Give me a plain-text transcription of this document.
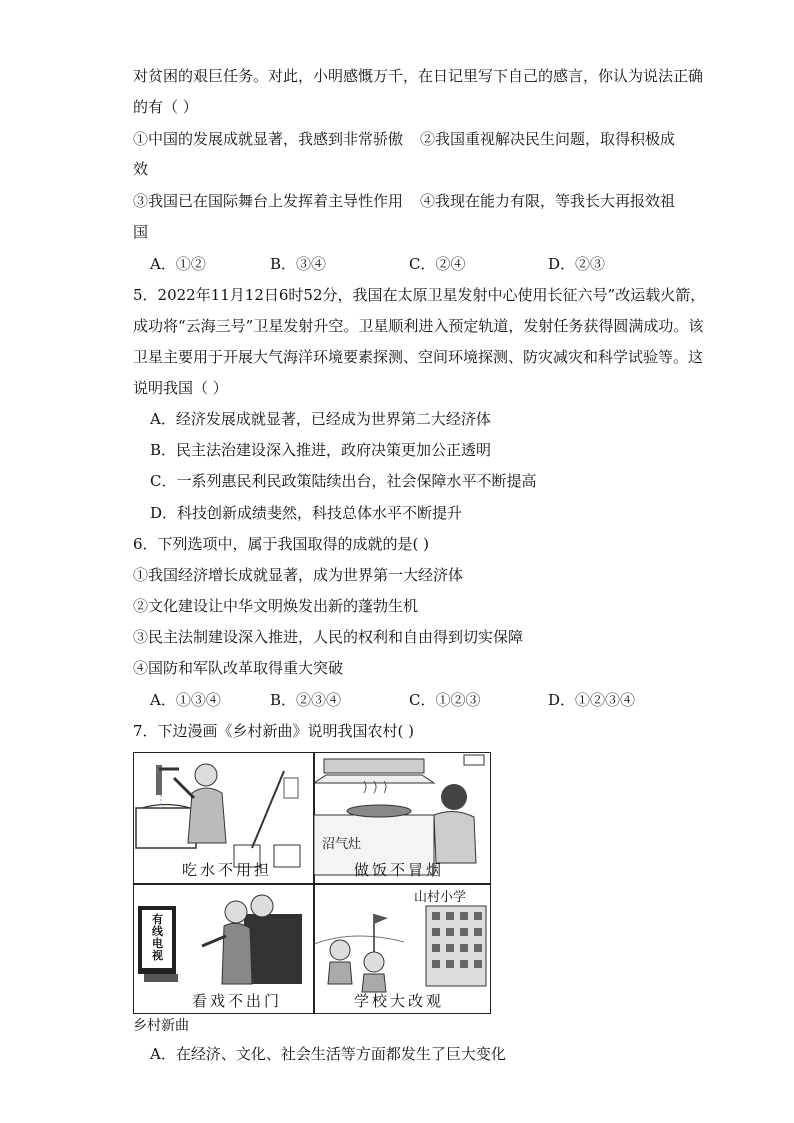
对贫困的艰巨任务。对此，小明感慨万千，在日记里写下自己的感言，你认为说法正确
的有（ ）
①中国的发展成就显著，我感到非常骄傲 ②我国重视解决民生问题，取得积极成
效
③我国已在国际舞台上发挥着主导性作用 ④我现在能力有限，等我长大再报效祖
国
A．①②	B．③④	C．②④	D．②③
5．2022年11月12日6时52分，我国在太原卫星发射中心使用长征六号”改运载火箭，
成功将“云海三号”卫星发射升空。卫星顺利进入预定轨道，发射任务获得圆满成功。该
卫星主要用于开展大气海洋环境要素探测、空间环境探测、防灾减灾和科学试验等。这
说明我国（ ）
A．经济发展成就显著，已经成为世界第二大经济体
B．民主法治建设深入推进，政府决策更加公正透明
C．一系列惠民利民政策陆续出台，社会保障水平不断提高
D．科技创新成绩斐然，科技总体水平不断提升
6．下列选项中，属于我国取得的成就的是( )
①我国经济增长成就显著，成为世界第一大经济体
②文化建设让中华文明焕发出新的蓬勃生机
③民主法制建设深入推进，人民的权利和自由得到切实保障
④国防和军队改革取得重大突破
A．①③④	B．②③④	C．①②③	D．①②③④
7．下边漫画《乡村新曲》说明我国农村( )
吃水不用担
沼气灶
做饭不冒烟
有线电视
看戏不出门
山村小学
学校大改观
乡村新曲
A．在经济、文化、社会生活等方面都发生了巨大变化
